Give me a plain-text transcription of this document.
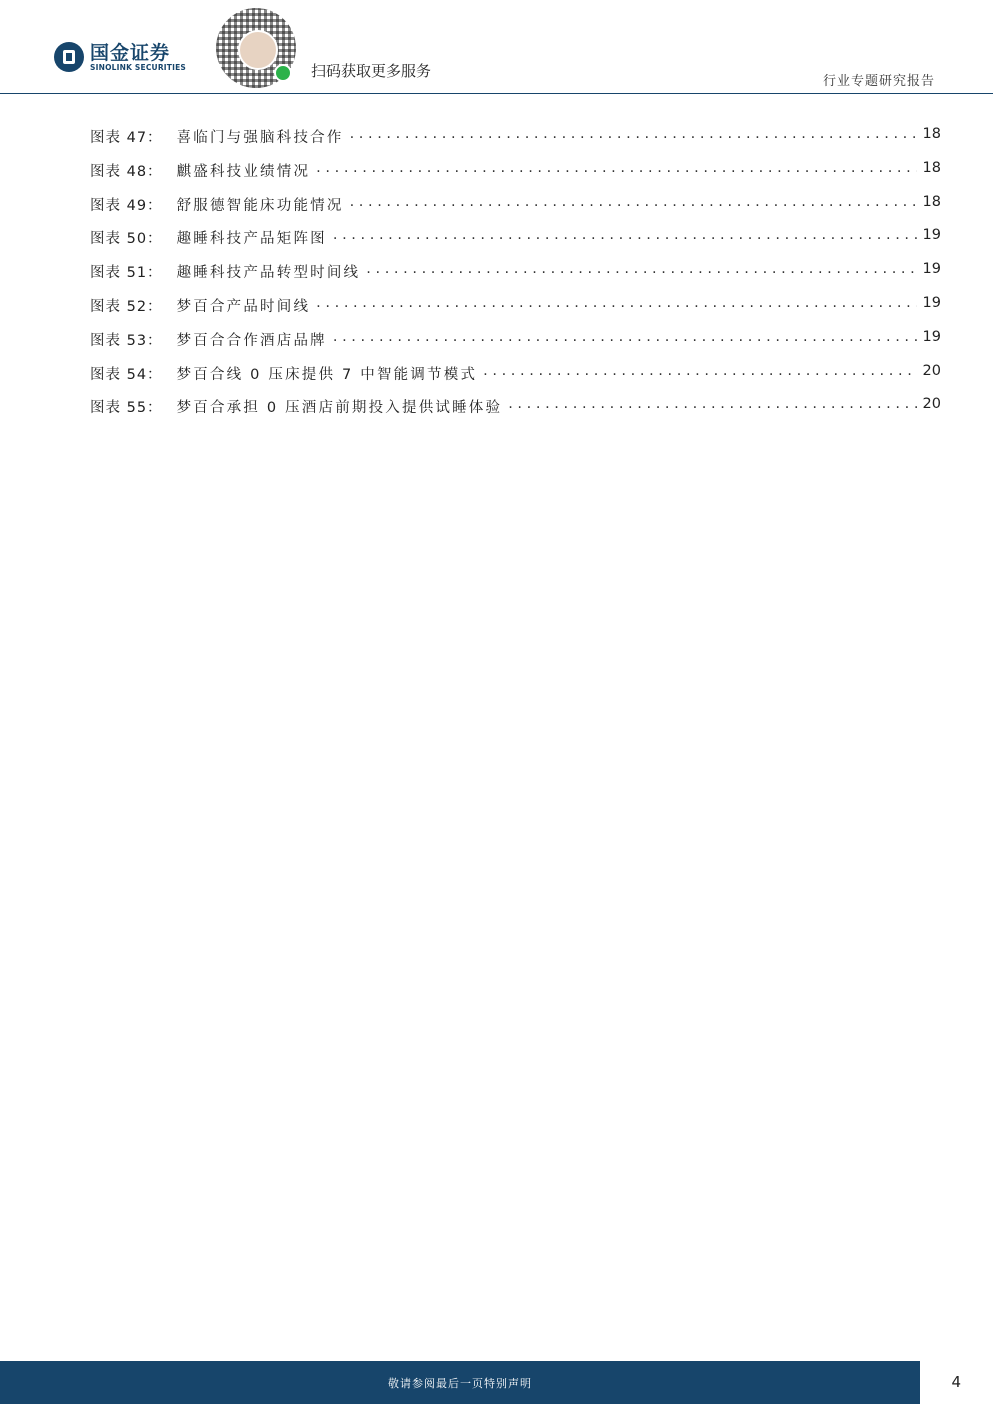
国金证券
SINOLINK SECURITIES	扫码获取更多服务
行业专题研究报告
图表 47： 喜临门与强脑科技合作 . . .	18
图表 48： 麒盛科技业绩情况 . . .	18
图表 49： 舒服德智能床功能情况 . . .	18
图表 50： 趣睡科技产品矩阵图 . . .	19
图表 51： 趣睡科技产品转型时间线 . . .	19
图表 52： 梦百合产品时间线 . . .	19
图表 53： 梦百合合作酒店品牌 . . .	19
图表 54： 梦百合线 0 压床提供 7 中智能调节模式 . . .	20
图表 55： 梦百合承担 0 压酒店前期投入提供试睡体验 . . .	20
敬请参阅最后一页特别声明	4
